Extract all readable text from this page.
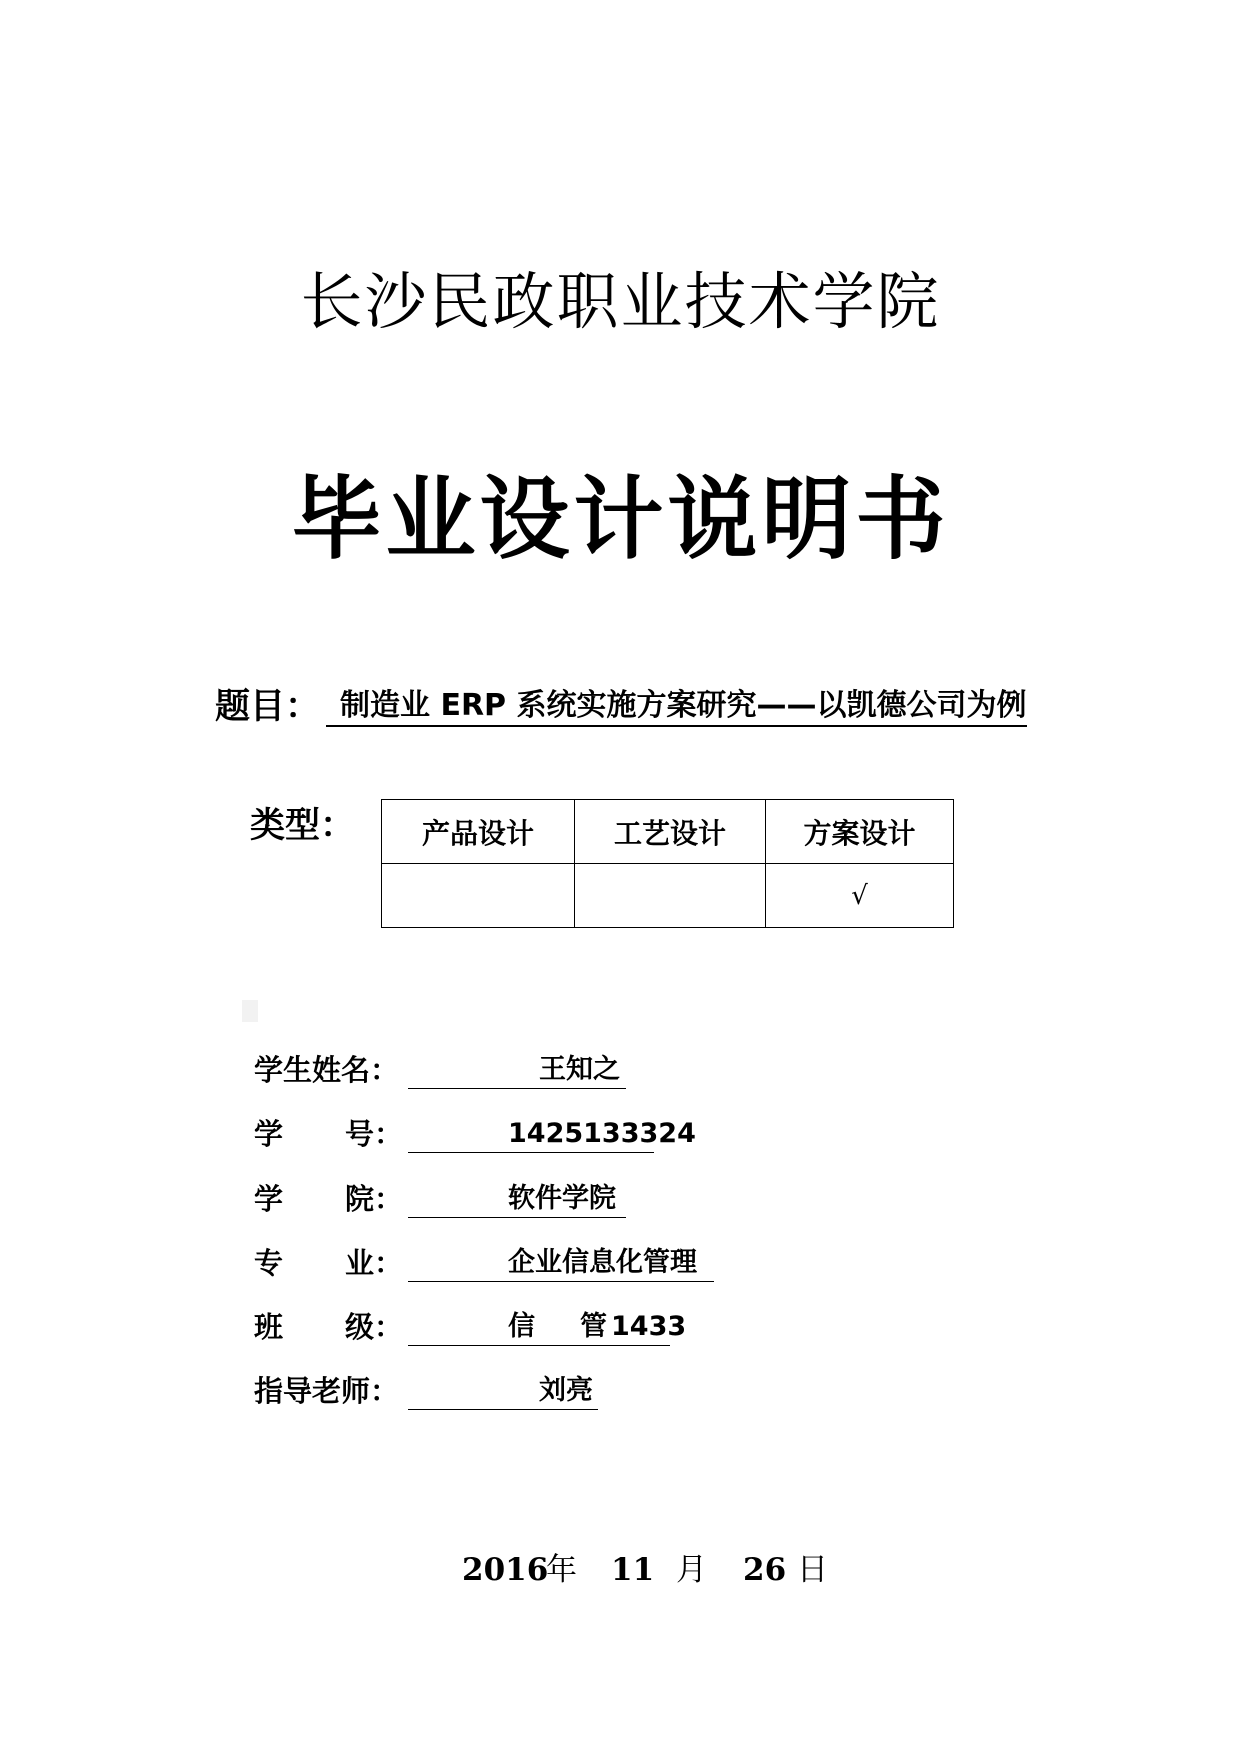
长沙民政职业技术学院
毕业设计说明书
题目： 制造业 ERP 系统实施方案研究——以凯德公司为例
类型： 产品设计	工艺设计	方案设计
		√
学生姓名：	王知之
学 号：	1425133324
学 院：	软件学院
专 业：	企业信息化管理
班 级：	信 管 1433
指导老师：	刘亮
2016
年 11 月 26 日
